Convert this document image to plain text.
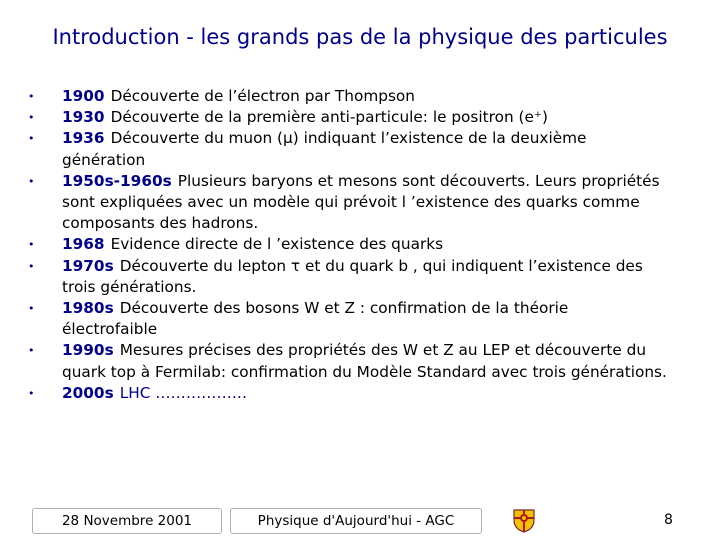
Introduction - les grands pas de la physique des particules
• 1900 Découverte de l’électron par Thompson
• 1930 Découverte de la première anti-particule: le positron (e⁺)
• 1936 Découverte du muon (μ) indiquant l’existence de la deuxième génération
• 1950s-1960s Plusieurs baryons et mesons sont découverts. Leurs propriétés sont expliquées avec un modèle qui prévoit l ’existence des quarks comme composants des hadrons.
• 1968 Evidence directe de l ’existence des quarks
• 1970s Découverte du lepton τ et du quark b , qui indiquent l’existence des trois générations.
• 1980s Découverte des bosons W et Z : confirmation de la théorie électrofaible
• 1990s Mesures précises des propriétés des W et Z au LEP et découverte du quark top à Fermilab: confirmation du Modèle Standard avec trois générations.
• 2000s LHC ………………
28 Novembre 2001	Physique d'Aujourd'hui - AGC	8
